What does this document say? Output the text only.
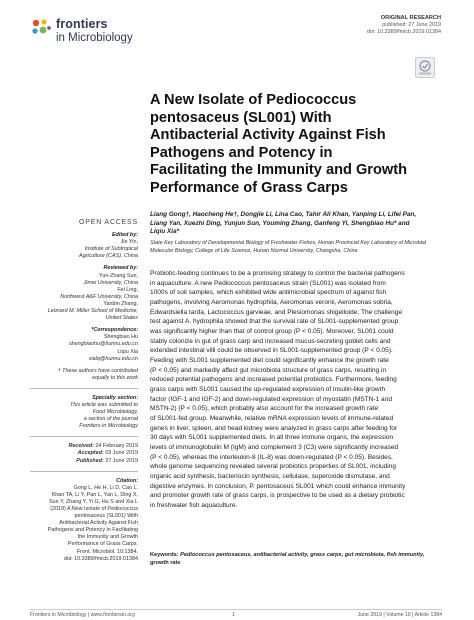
frontiers
in Microbiology
ORIGINAL RESEARCH
published: 27 June 2019
doi: 10.3389/fmicb.2019.01384
A New Isolate of Pediococcus
pentosaceus (SL001) With
Antibacterial Activity Against Fish
Pathogens and Potency in
Facilitating the Immunity and Growth
Performance of Grass Carps
Liang Gong†, Haocheng He†, Dongjie Li, Lina Cao, Tahir Ali Khan, Yanping Li, Lifei Pan,
Liang Yan, Xuezhi Ding, Yunjun Sun, Youming Zhang, Ganfeng Yi, Shengbiao Hu* and
Liqiu Xia*
State Key Laboratory of Developmental Biology of Freshwater Fishes, Hunan Provincial Key Laboratory of Microbial
Molecular Biology, College of Life Science, Hunan Normal University, Changsha, China
Probiotic-feeding continues to be a promising strategy to control the bacterial pathogens
in aquaculture. A new Pediococcus pentosaceus strain (SL001) was isolated from
1000s of soil samples, which exhibited wide antimicrobial spectrum of against fish
pathogens, involving Aeromonas hydrophila, Aeromonas veronii, Aeromonas sobria,
Edwardsiella tarda, Lactococcus garvieae, and Plesiomonas shigelloide. The challenge
test against A. hydrophila showed that the survival rate of SL001-supplemented group
was significantly higher than that of control group (P < 0.05). Moreover, SL001 could
stably colonize in gut of grass carp and increased mucus-secreting goblet cells and
extended intestinal villi could be observed in SL001-supplemented group (P < 0.05).
Feeding with SL001 supplemented diet could significantly enhance the growth rate
(P < 0.05) and markedly affect gut microbiota structure of grass carps, resulting in
reduced potential pathogens and increased potential probiotics. Furthermore, feeding
grass carps with SL001 caused the up-regulated expression of insulin-like growth
factor (IGF-1 and IGF-2) and down-regulated expression of myostatin (MSTN-1 and
MSTN-2) (P < 0.05), which probably also account for the increased growth rate
of SL001-fed group. Meanwhile, relative mRNA expression levels of immune-related
genes in liver, spleen, and head kidney were analyzed in grass carps after feeding for
30 days with SL001 supplemented diets. In all three immune organs, the expression
levels of immunoglobulin M (IgM) and complement 3 (C3) were significantly increased
(P < 0.05), whereas the interleukin-8 (IL-8) was down-regulated (P < 0.05). Besides,
whole genome sequencing revealed several probiotics properties of SL001, including
organic acid synthesis, bacteriocin synthesis, cellulase, superoxide dismutase, and
digestive enzymes. In conclusion, P. pentosaceus SL001 which could enhance immunity
and promoter growth rate of grass carps, is prospective to be used as a dietary probiotic
in freshwater fish aquaculture.
Keywords: Pediococcus pentosaceus, antibacterial activity, grass carps, gut microbiota, fish immunity,
growth rate
OPEN ACCESS
Edited by:
Jie Yin,
Institute of Subtropical
Agriculture (CAS), China
Reviewed by:
Yun-Zhang Sun,
Jimei University, China
Fei Ling,
Northwest A&F University, China
Yanbin Zhang,
Leonard M. Miller School of Medicine,
United States
*Correspondence:
Shengbiao Hu
shengbiaohu@hunnu.edu.cn
Liqiu Xia
xialq@hunnu.edu.cn
† These authors have contributed
equally to this work
Specialty section:
This article was submitted to
Food Microbiology,
a section of the journal
Frontiers in Microbiology
Received: 24 February 2019
Accepted: 03 June 2019
Published: 27 June 2019
Citation:
Gong L, He H, Li D, Cao L,
Khan TA, Li Y, Pan L, Yan L, Ding X,
Sun Y, Zhang Y, Yi G, Hu S and Xia L
(2019) A New Isolate of Pediococcus
pentosaceus (SL001) With
Antibacterial Activity Against Fish
Pathogens and Potency in Facilitating
the Immunity and Growth
Performance of Grass Carps.
Front. Microbiol. 10:1384.
doi: 10.3389/fmicb.2019.01384
Frontiers in Microbiology | www.frontiersin.org	1	June 2019 | Volume 10 | Article 1384
